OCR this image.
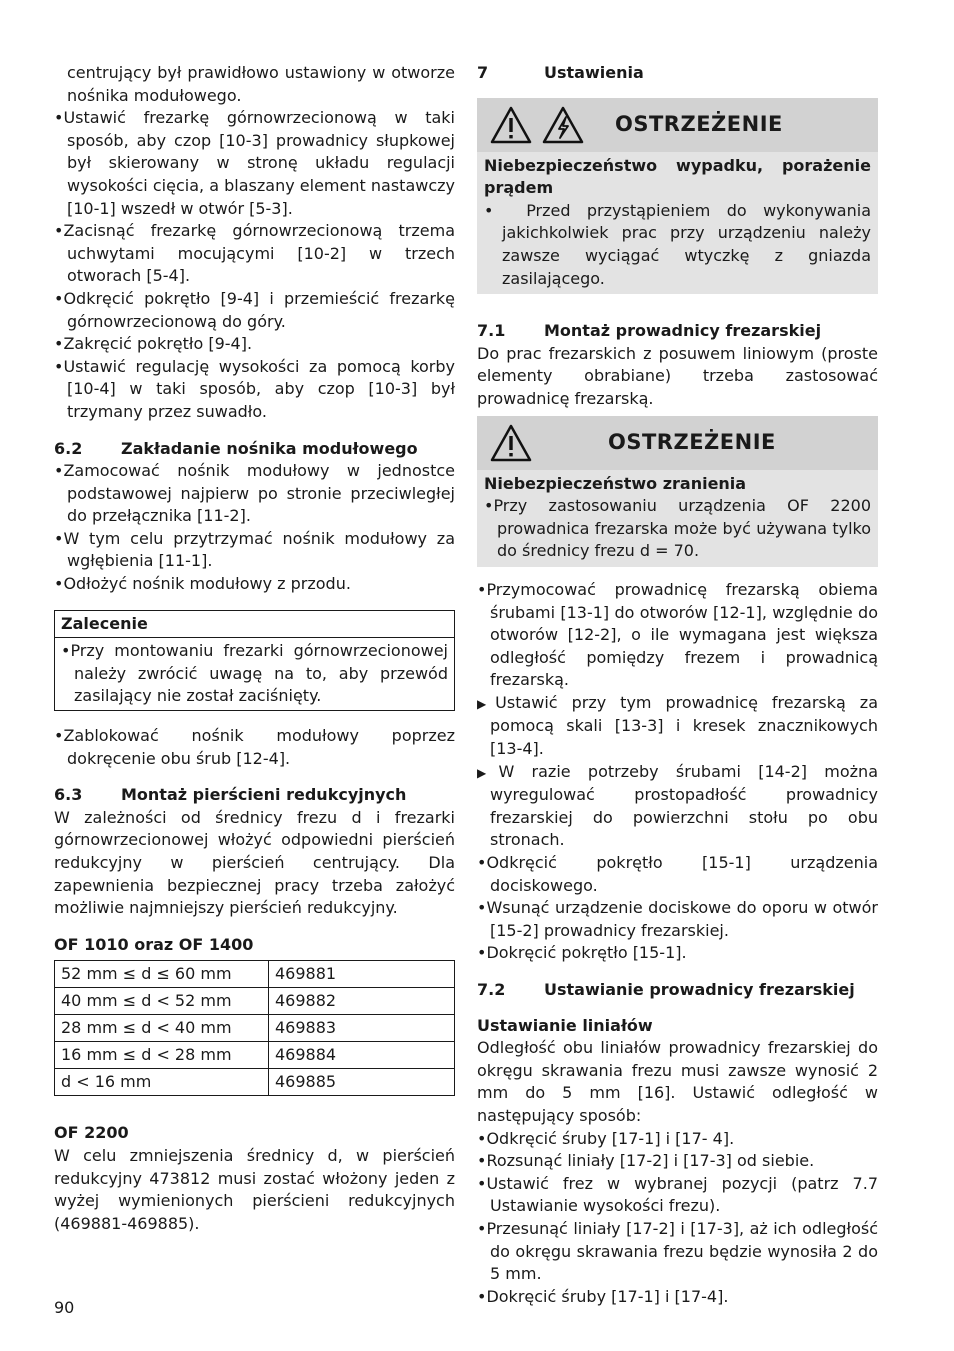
centrujący był prawidłowo ustawiony w otworze nośnika modułowego.

•Ustawić frezarkę górnowrzecionową w taki sposób, aby czop [10-3] prowadnicy słupkowej był skierowany w stronę układu regulacji wysokości cięcia, a blaszany element nastawczy [10-1] wszedł w otwór [5-3].

•Zacisnąć frezarkę górnowrzecionową trzema uchwytami mocującymi [10-2] w trzech otworach [5-4].

•Odkręcić pokrętło [9-4] i przemieścić frezarkę górnowrzecionową do góry.

•Zakręcić pokrętło [9-4].

•Ustawić regulację wysokości za pomocą korby [10-4] w taki sposób, aby czop [10-3] był trzymany przez suwadło.

6.2	Zakładanie nośnika modułowego

•Zamocować nośnik modułowy w jednostce podstawowej najpierw po stronie przeciwległej do przełącznika [11-2].

•W tym celu przytrzymać nośnik modułowy za wgłębienia [11-1].

•Odłożyć nośnik modułowy z przodu.

Zalecenie

•Przy montowaniu frezarki górnowrzecionowej należy zwrócić uwagę na to, aby przewód zasilający nie został zaciśnięty.

•Zablokować nośnik modułowy poprzez dokręcenie obu śrub [12-4].

6.3	Montaż pierścieni redukcyjnych

W zależności od średnicy frezu d i frezarki górnowrzecionowej włożyć odpowiedni pierścień redukcyjny w pierścień centrujący. Dla zapewnienia bezpiecznej pracy trzeba założyć możliwie najmniejszy pierścień redukcyjny.

OF 1010 oraz OF 1400

52 mm ≤ d ≤ 60 mm	469881
40 mm ≤ d < 52 mm	469882
28 mm ≤ d < 40 mm	469883
16 mm ≤ d < 28 mm	469884
d < 16 mm	469885

OF 2200

W celu zmniejszenia średnicy d, w pierścień redukcyjny 473812 musi zostać włożony jeden z wyżej wymienionych pierścieni redukcyjnych (469881-469885).

7	Ustawienia
OSTRZEŻENIE

Niebezpieczeństwo wypadku, porażenie prądem

•  Przed przystąpieniem do wykonywania jakichkolwiek prac przy urządzeniu należy zawsze wyciągać wtyczkę z gniazda zasilającego.

7.1	Montaż prowadnicy frezarskiej

Do prac frezarskich z posuwem liniowym (proste elementy obrabiane) trzeba zastosować prowadnicę frezarską.

OSTRZEŻENIE

Niebezpieczeństwo zranienia

•Przy zastosowaniu urządzenia OF 2200 prowadnica frezarska może być używana tylko do średnicy frezu d = 70.

•Przymocować prowadnicę frezarską obiema śrubami [13-1] do otworów [12-1], względnie do otworów [12-2], o ile wymagana jest większa odległość pomiędzy frezem i prowadnicą frezarską.

▶Ustawić przy tym prowadnicę frezarską za pomocą skali [13-3] i kresek znacznikowych [13-4].

▶W razie potrzeby śrubami [14-2] można wyregulować prostopadłość prowadnicy frezarskiej do powierzchni stołu po obu stronach.

•Odkręcić pokrętło [15-1] urządzenia dociskowego.

•Wsunąć urządzenie dociskowe do oporu w otwór [15-2] prowadnicy frezarskiej.

•Dokręcić pokrętło [15-1].

7.2	Ustawianie prowadnicy frezarskiej

Ustawianie liniałów

Odległość obu liniałów prowadnicy frezarskiej do okręgu skrawania frezu musi zawsze wynosić 2 mm do 5 mm [16]. Ustawić odległość w następujący sposób:

•Odkręcić śruby [17-1] i [17- 4].

•Rozsunąć liniały [17-2] i [17-3] od siebie.

•Ustawić frez w wybranej pozycji (patrz 7.7 Ustawianie wysokości frezu).

•Przesunąć liniały [17-2] i [17-3], aż ich odległość do okręgu skrawania frezu będzie wynosiła 2 do 5 mm.

•Dokręcić śruby [17-1] i [17-4].

90
